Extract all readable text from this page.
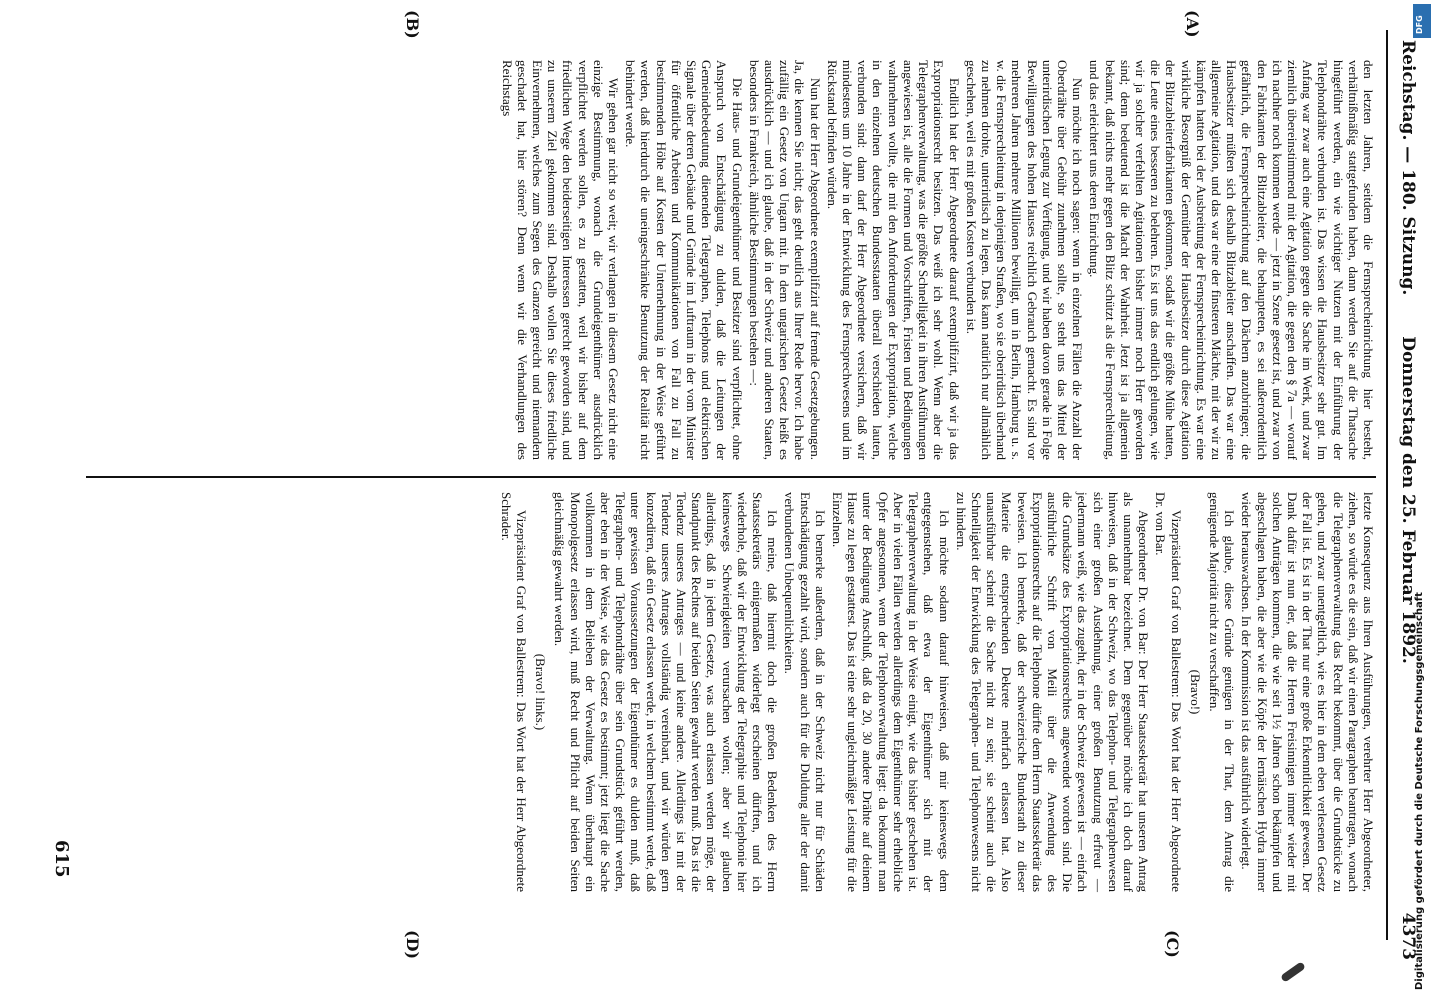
Reichstag. — 180. Sitzung.
Donnerstag den 25. Februar 1892.
4373
(A)
(B)
(C)
(D)

den letzten Jahren, seitdem die Fernsprecheinrichtung hier besteht, verhältnißmäßig stattgefunden haben, dann werden Sie auf die Thatsache hingeführt werden, ein wie wichtiger Nutzen mit der Einführung der Telephondrähte verbunden ist. Das wissen die Hausbesitzer sehr gut. Im Anfang war zwar auch eine Agitation gegen die Sache im Werk, und zwar ziemlich übereinstimmend mit der Agitation, die gegen den § 7a — worauf ich nachher noch kommen werde — jetzt in Szene gesetzt ist, und zwar von den Fabrikanten der Blitzableiter, die behaupteten, es sei außerordentlich gefährlich, die Fernsprecheinrichtung auf den Dächern anzubringen; die Hausbesitzer müßten sich deshalb Blitzableiter anschaffen. Das war eine allgemeine Agitation, und das war eine der finsteren Mächte, mit der wir zu kämpfen hatten bei der Ausbreitung der Fernsprecheinrichtung. Es war eine wirkliche Besorgniß der Gemüther der Hausbesitzer durch diese Agitation der Blitzableiterfabrikanten gekommen, sodaß wir die größte Mühe hatten, die Leute eines besseren zu belehren. Es ist uns das endlich gelungen, wie wir ja solcher verfehlten Agitationen bisher immer noch Herr geworden sind; denn bedeutend ist die Macht der Wahrheit. Jetzt ist ja allgemein bekannt, daß nichts mehr gegen den Blitz schützt als die Fernsprechleitung, und das erleichtert uns deren Einrichtung.

Nun möchte ich noch sagen: wenn in einzelnen Fällen die Anzahl der Oberdrähte über Gebühr zunehmen sollte, so steht uns das Mittel der unterirdischen Legung zur Verfügung, und wir haben davon gerade in Folge Bewilligungen des hohen Hauses reichlich Gebrauch gemacht. Es sind vor mehreren Jahren mehrere Millionen bewilligt, um in Berlin, Hamburg u. s. w. die Fernsprechleitung in denjenigen Straßen, wo sie oberirdisch überhand zu nehmen drohte, unterirdisch zu legen. Das kann natürlich nur allmählich geschehen, weil es mit großen Kosten verbunden ist.

Endlich hat der Herr Abgeordnete darauf exemplifizirt, daß wir ja das Expropriationsrecht besitzen. Das weiß ich sehr wohl. Wenn aber die Telegraphenverwaltung, was die größte Schnelligkeit in ihren Ausführungen angewiesen ist, alle die Formen und Vorschriften, Fristen und Bedingungen wahrnehmen wollte, die mit den Anforderungen der Expropriation, welche in den einzelnen deutschen Bundesstaaten überall verschieden lauten, verbunden sind: dann darf der Herr Abgeordnete versichern, daß wir mindestens um 10 Jahre in der Entwicklung des Fernsprechwesens und im Rückstand befinden würden.

Nun hat der Herr Abgeordnete exemplifizirt auf fremde Gesetzgebungen. Ja, die kennen Sie nicht; das geht deutlich aus Ihrer Rede hervor. Ich habe zufällig ein Gesetz von Ungarn mit. In dem ungarischen Gesetz heißt es ausdrücklich — und ich glaube, daß in der Schweiz und anderen Staaten, besonders in Frankreich, ähnliche Bestimmungen bestehen —:

Die Haus- und Grundeigenthümer und Besitzer sind verpflichtet, ohne Anspruch von Entschädigung zu dulden, daß die Leitungen der Gemeindebedeutung dienenden Telegraphen, Telephons und elektrischen Signale über deren Gebäude und Gründe im Luftraum in der vom Minister für öffentliche Arbeiten und Kommunikationen von Fall zu Fall zu bestimmenden Höhe auf Kosten der Unternehmung in der Weise geführt werden, daß hierdurch die uneingeschränkte Benutzung der Realität nicht behindert werde.

Wir gehen gar nicht so weit; wir verlangen in diesem Gesetz nicht eine einzige Bestimmung, wonach die Grundeigenthümer ausdrücklich verpflichtet werden sollen, es zu gestatten, weil wir bisher auf dem friedlichen Wege den beiderseitigen Interessen gerecht geworden sind, und zu unserem Ziel gekommen sind. Deshalb wollen Sie dieses friedliche Einvernehmen, welches zum Segen des Ganzen gereicht und niemandem geschadet hat, hier stören? Denn wenn wir die Verhandlungen des Reichstags

letzte Konsequenz aus Ihren Ausführungen, verehrter Herr Abgeordneter, ziehen, so würde es die sein, daß wir einen Paragraphen beantragen, wonach die Telegraphenverwaltung das Recht bekommt, über die Grundstücke zu gehen, und zwar unentgeltlich, wie es hier in dem eben verlesenen Gesetz der Fall ist. Es ist in der That nur eine große Erkenntlichkeit gewesen. Der Dank dafür ist nun der, daß die Herren Freisinnigen immer wieder mit solchen Anträgen kommen, die wie seit 1½ Jahren schon bekämpfen und abgeschlagen haben, die aber wie die Köpfe der lernäischen Hydra immer wieder herauswachsen. In der Kommission ist das ausführlich widerlegt.

Ich glaube, diese Gründe genügen in der That, dem Antrag die genügende Majorität nicht zu verschaffen.

(Bravo!)

Vizepräsident Graf von Ballestrem: Das Wort hat der Herr Abgeordnete Dr. von Bar.

Abgeordneter Dr. von Bar: Der Herr Staatssekretär hat unseren Antrag als unannehmbar bezeichnet. Dem gegenüber möchte ich doch darauf hinweisen, daß in der Schweiz, wo das Telephon- und Telegraphenwesen sich einer großen Ausdehnung, einer großen Benutzung erfreut — jedermann weiß, wie das zugeht, der in der Schweiz gewesen ist — einfach die Grundsätze des Expropriationsrechtes angewendet worden sind. Die ausführliche Schrift von Meili über die Anwendung des Expropriationsrechts auf die Telephone dürfte dem Herrn Staatssekretär das beweisen. Ich bemerke, daß der schweizerische Bundesrath zu dieser Materie die entsprechenden Dekrete mehrfach erlassen hat. Also unausführbar scheint die Sache nicht zu sein; sie scheint auch die Schnelligkeit der Entwicklung des Telegraphen- und Telephonwesens nicht zu hindern.

Ich möchte sodann darauf hinweisen, daß mir keineswegs dem entgegenstehen, daß etwa der Eigenthümer sich mit der Telegraphenverwaltung in der Weise einigt, wie das bisher geschehen ist. Aber in vielen Fällen werden allerdings dem Eigenthümer sehr erhebliche Opfer angesonnen, wenn der Telephonverwaltung liegt: da bekommt man unter der Bedingung Anschluß, daß da 20, 30 andere Drähte auf deinem Hause zu legen gestattest. Das ist eine sehr ungleichmäßige Leistung für die Einzelnen.

Ich bemerke außerdem, daß in der Schweiz nicht nur für Schäden Entschädigung gezahlt wird, sondern auch für die Duldung aller der damit verbundenen Unbequemlichkeiten.

Ich meine, daß hiermit doch die großen Bedenken des Herrn Staatssekretärs einigermaßen widerlegt erscheinen dürften, und ich wiederhole, daß wir der Entwicklung der Telegraphie und Telephonie hier keineswegs Schwierigkeiten verursachen wollen; aber wir glauben allerdings, daß in jedem Gesetze, was auch erlassen werden möge, der Standpunkt des Rechtes auf beiden Seiten gewahrt werden muß. Das ist die Tendenz unseres Antrages — und keine andere. Allerdings ist mit der Tendenz unseres Antrages vollständig vereinbart, und wir würden gern konzediren, daß ein Gesetz erlassen werde, in welchem bestimmt werde, daß unter gewissen Voraussetzungen der Eigenthümer es dulden muß, daß Telegraphen- und Telephondrähte über sein Grundstück geführt werden, aber eben in der Weise, wie das Gesetz es bestimmt; jetzt liegt die Sache vollkommen in dem Belieben der Verwaltung. Wenn überhaupt ein Monopolgesetz erlassen wird, muß Recht und Pflicht auf beiden Seiten gleichmäßig gewahrt werden.

(Bravo! links.)

Vizepräsident Graf von Ballestrem: Das Wort hat der Herr Abgeordnete Schrader.

615	Digitalisierung gefördert durch die Deutsche Forschungsgemeinschaft
DFG
